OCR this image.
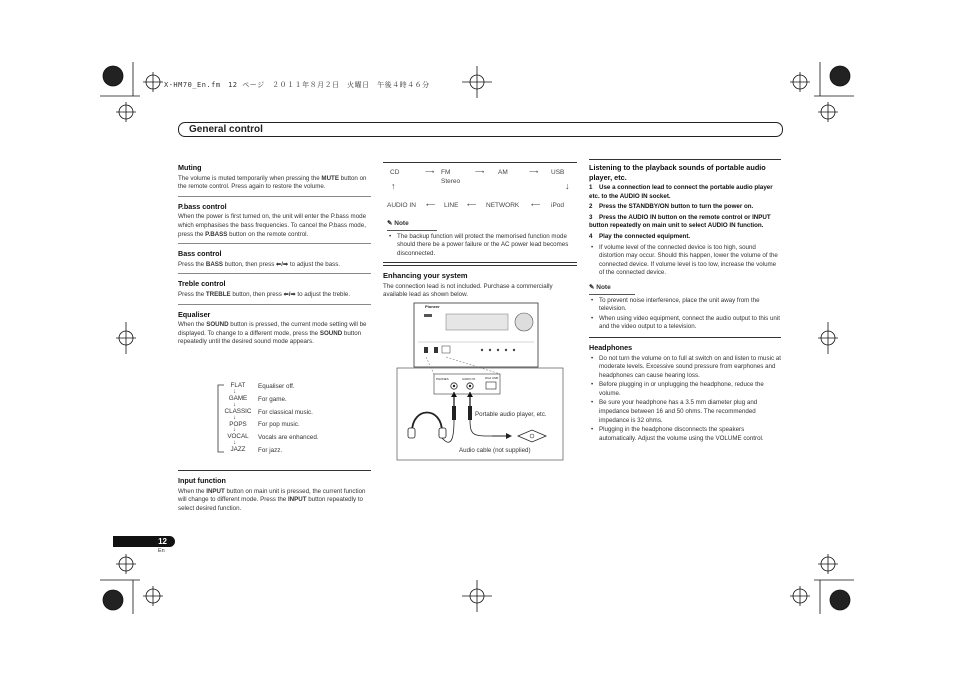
X-HM70_En.fm　12 ページ　２０１１年８月２日　火曜日　午後４時４６分
General control
Muting

The volume is muted temporarily when pressing the MUTE button on the remote control. Press again to restore the volume.

P.bass control

When the power is first turned on, the unit will enter the P.bass mode which emphasises the bass frequencies. To cancel the P.bass mode, press the P.BASS button on the remote control.

Bass control

Press the BASS button, then press ⬅/➡ to adjust the bass.

Treble control

Press the TREBLE button, then press ⬅/➡ to adjust the treble.

Equaliser

When the SOUND button is pressed, the current mode setting will be displayed. To change to a different mode, press the SOUND button repeatedly until the desired sound mode appears.

FLAT	Equaliser off.
↓
GAME	For game.
↓
CLASSIC	For classical music.
↓
POPS	For pop music.
↓
VOCAL	Vocals are enhanced.
↓
JAZZ	For jazz.
Input function

When the INPUT button on main unit is pressed, the current function will change to different mode. Press the INPUT button repeatedly to select desired function.

CD	⟶ FM
Stereo
⟶ AM	⟶ USB
↓
↑
AUDIO IN ⟵ LINE ⟵ NETWORK ⟵ iPod
✎ Note
• The backup function will protect the memorised function mode should there be a power failure or the AC power lead becomes disconnected.
Enhancing your system

The connection lead is not included. Purchase a commercially available lead as shown below.

Pioneer
PHONES	AUDIO IN	iPod USB
Portable audio player, etc.
Audio cable (not supplied)
Listening to the playback sounds of portable audio player, etc.
1 Use a connection lead to connect the portable audio player etc. to the AUDIO IN socket.
2 Press the STANDBY/ON button to turn the power on.
3 Press the AUDIO IN button on the remote control or INPUT button repeatedly on main unit to select AUDIO IN function.
4 Play the connected equipment.
• If volume level of the connected device is too high, sound distortion may occur. Should this happen, lower the volume of the connected device. If volume level is too low, increase the volume of the connected device.
✎ Note
• To prevent noise interference, place the unit away from the television.
• When using video equipment, connect the audio output to this unit and the video output to a television.
Headphones
• Do not turn the volume on to full at switch on and listen to music at moderate levels. Excessive sound pressure from earphones and headphones can cause hearing loss.
• Before plugging in or unplugging the headphone, reduce the volume.
• Be sure your headphone has a 3.5 mm diameter plug and impedance between 16 and 50 ohms. The recommended impedance is 32 ohms.
• Plugging in the headphone disconnects the speakers automatically. Adjust the volume using the VOLUME control.
12
En
